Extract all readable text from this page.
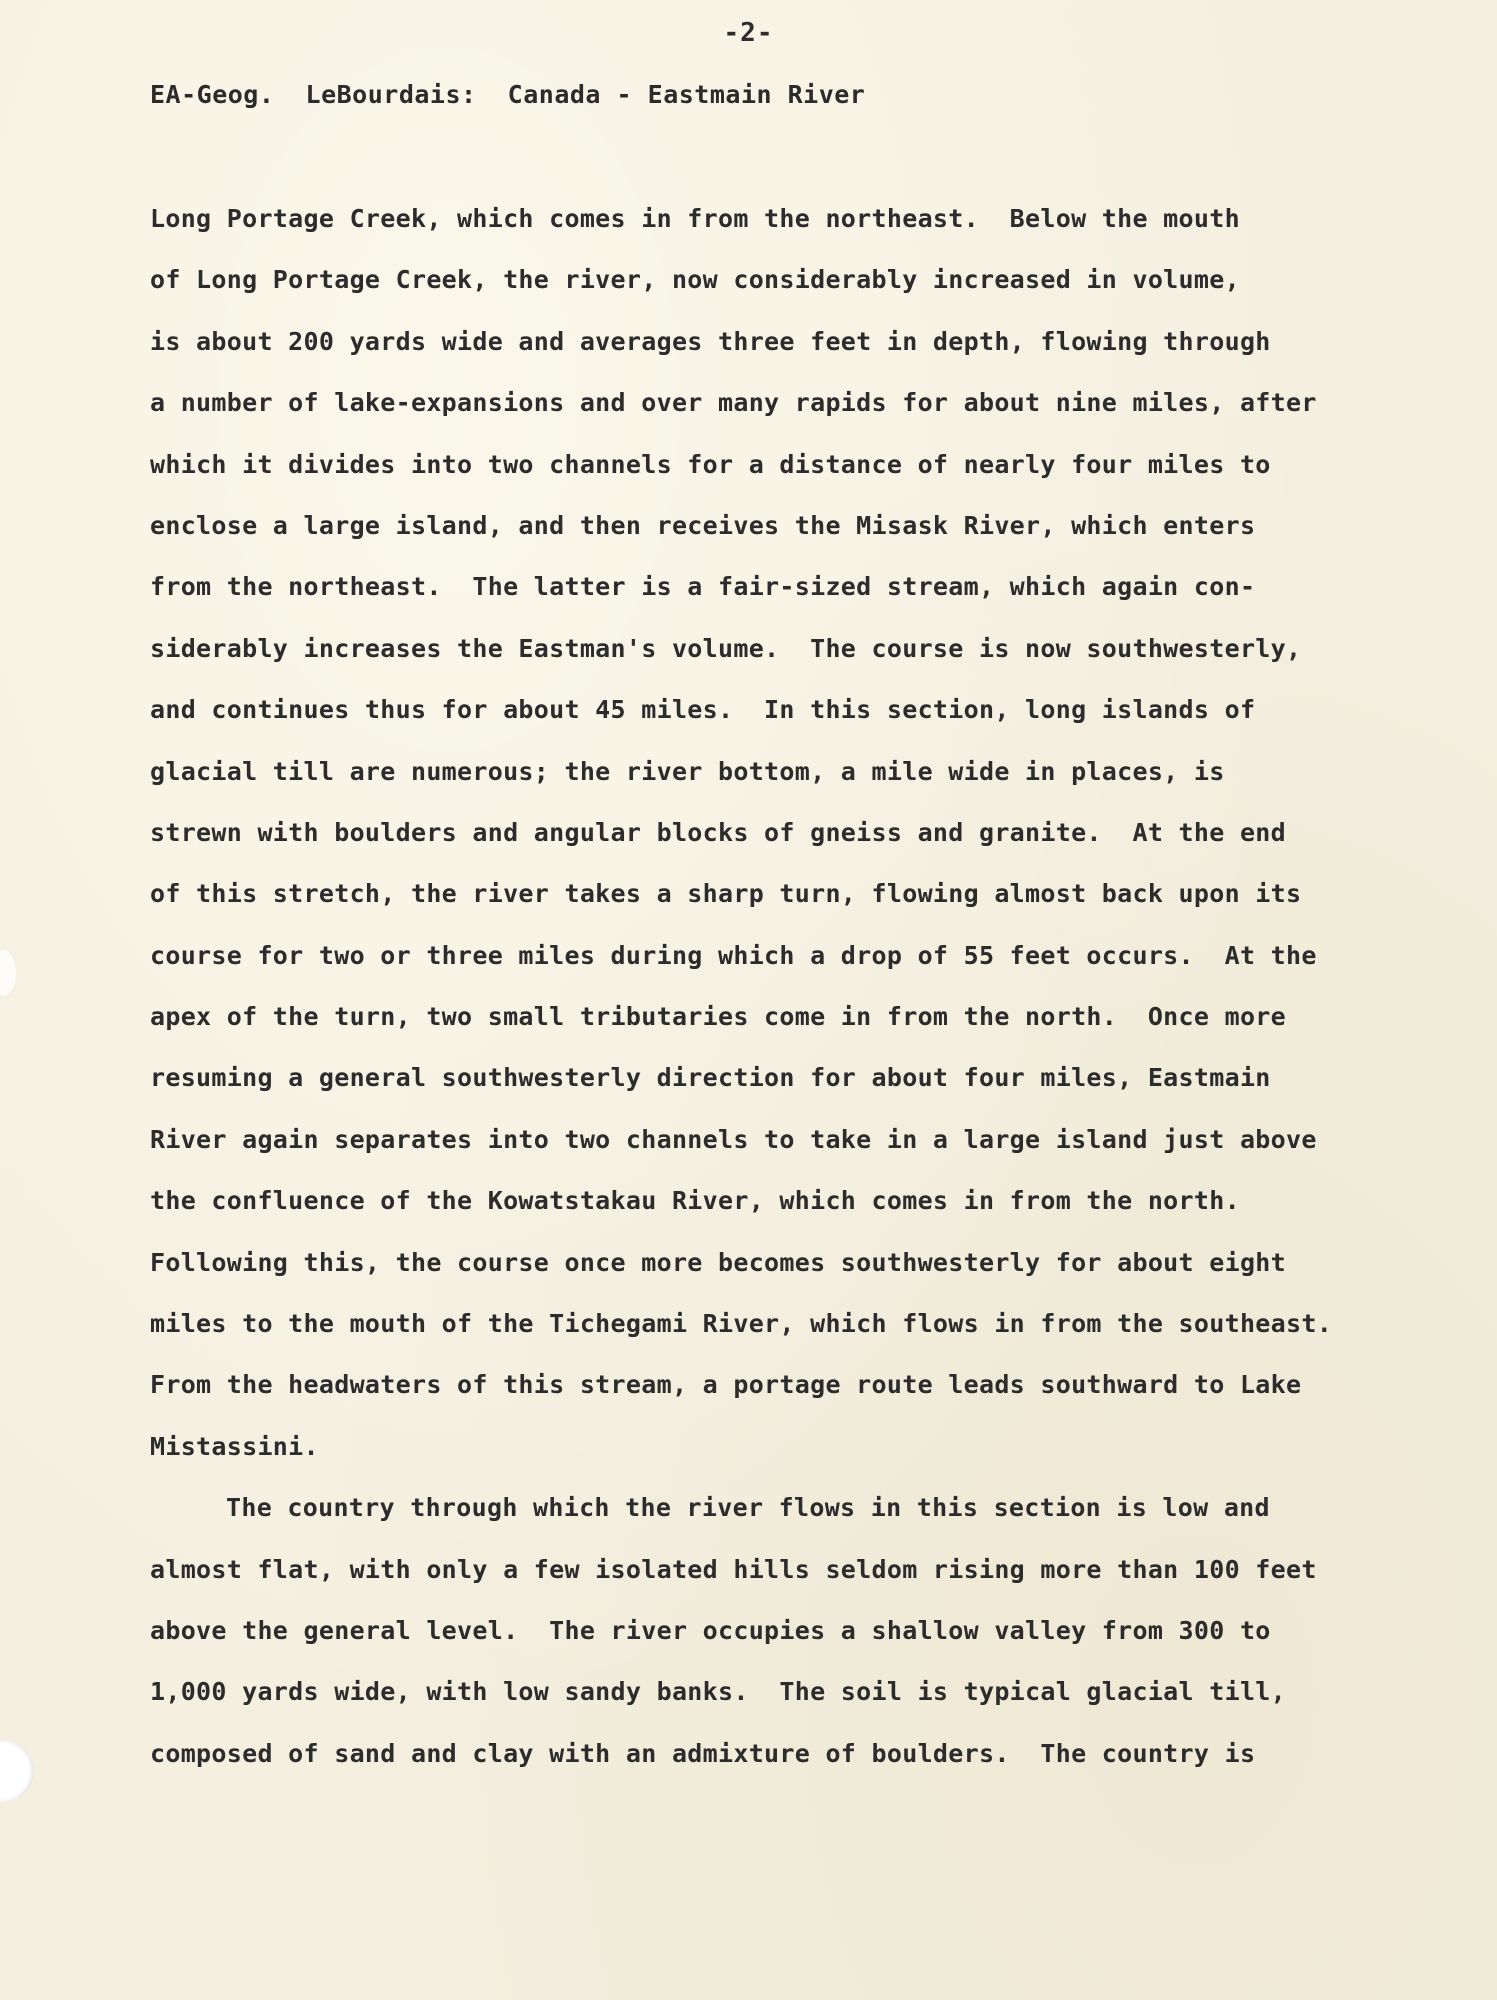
-2-
EA-Geog.  LeBourdais:  Canada - Eastmain River
Long Portage Creek, which comes in from the northeast.  Below the mouth
of Long Portage Creek, the river, now considerably increased in volume,
is about 200 yards wide and averages three feet in depth, flowing through
a number of lake-expansions and over many rapids for about nine miles, after
which it divides into two channels for a distance of nearly four miles to
enclose a large island, and then receives the Misask River, which enters
from the northeast.  The latter is a fair-sized stream, which again con-
siderably increases the Eastman's volume.  The course is now southwesterly,
and continues thus for about 45 miles.  In this section, long islands of
glacial till are numerous; the river bottom, a mile wide in places, is
strewn with boulders and angular blocks of gneiss and granite.  At the end
of this stretch, the river takes a sharp turn, flowing almost back upon its
course for two or three miles during which a drop of 55 feet occurs.  At the
apex of the turn, two small tributaries come in from the north.  Once more
resuming a general southwesterly direction for about four miles, Eastmain
River again separates into two channels to take in a large island just above
the confluence of the Kowatstakau River, which comes in from the north.
Following this, the course once more becomes southwesterly for about eight
miles to the mouth of the Tichegami River, which flows in from the southeast.
From the headwaters of this stream, a portage route leads southward to Lake
Mistassini.
The country through which the river flows in this section is low and
almost flat, with only a few isolated hills seldom rising more than 100 feet
above the general level.  The river occupies a shallow valley from 300 to
1,000 yards wide, with low sandy banks.  The soil is typical glacial till,
composed of sand and clay with an admixture of boulders.  The country is
